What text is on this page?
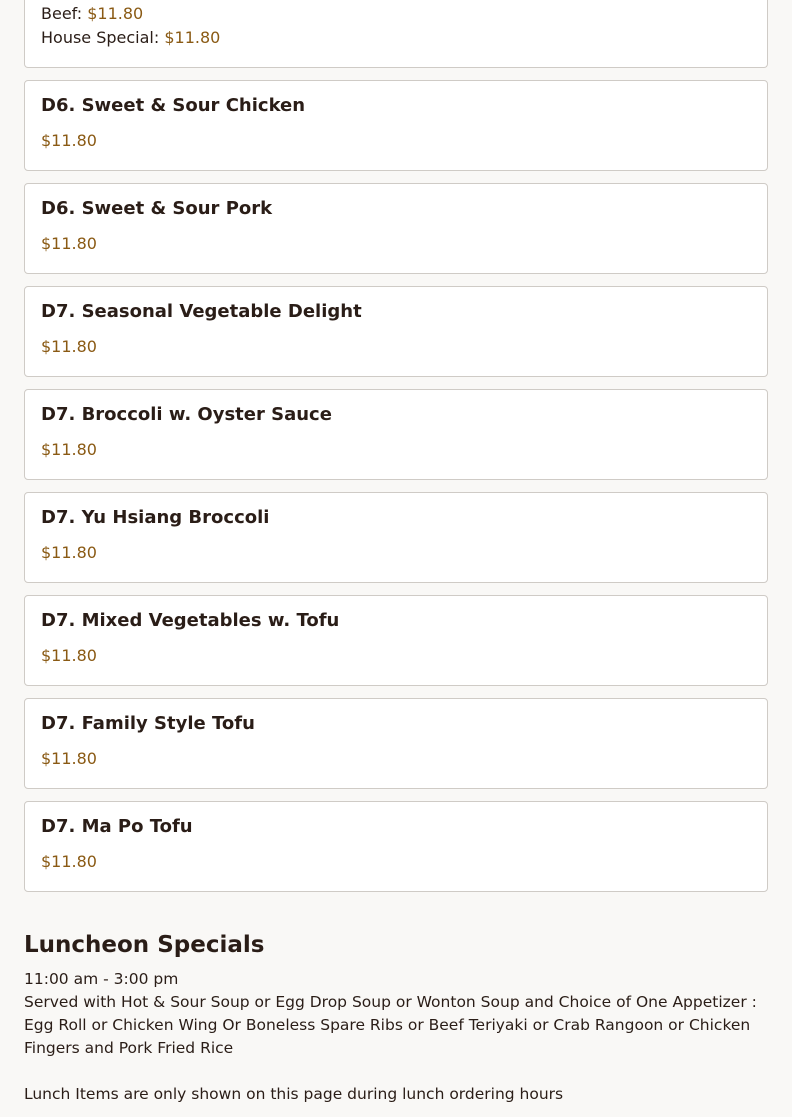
Beef: $11.80
House Special: $11.80
D6. Sweet & Sour Chicken
$11.80
D6. Sweet & Sour Pork
$11.80
D7. Seasonal Vegetable Delight
$11.80
D7. Broccoli w. Oyster Sauce
$11.80
D7. Yu Hsiang Broccoli
$11.80
D7. Mixed Vegetables w. Tofu
$11.80
D7. Family Style Tofu
$11.80
D7. Ma Po Tofu
$11.80
Luncheon Specials

11:00 am - 3:00 pm

Served with Hot & Sour Soup or Egg Drop Soup or Wonton Soup and Choice of One Appetizer : Egg Roll or Chicken Wing Or Boneless Spare Ribs or Beef Teriyaki or Crab Rangoon or Chicken Fingers and Pork Fried Rice

Lunch Items are only shown on this page during lunch ordering hours
